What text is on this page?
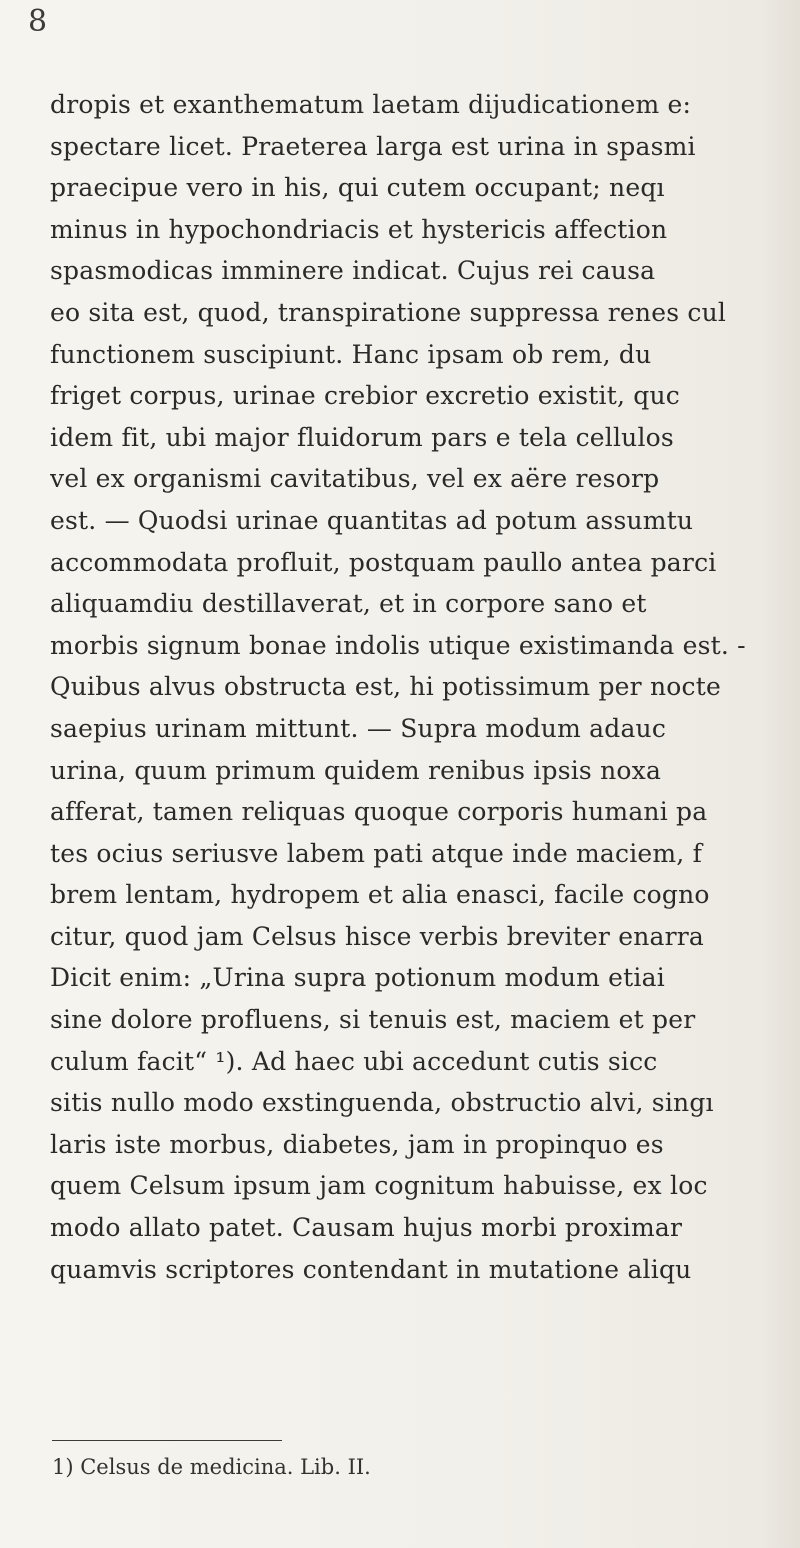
8
dropis et exanthematum laetam dijudicationem e:
spectare licet. Praeterea larga est urina in spasmi
praecipue vero in his, qui cutem occupant; neqı
minus in hypochondriacis et hystericis affection
spasmodicas imminere indicat. Cujus rei causa
eo sita est, quod, transpiratione suppressa renes cul
functionem suscipiunt. Hanc ipsam ob rem, du
friget corpus, urinae crebior excretio existit, quc
idem fit, ubi major fluidorum pars e tela cellulos
vel ex organismi cavitatibus, vel ex aëre resorp
est. — Quodsi urinae quantitas ad potum assumtu
accommodata profluit, postquam paullo antea parci
aliquamdiu destillaverat, et in corpore sano et
morbis signum bonae indolis utique existimanda est. -
Quibus alvus obstructa est, hi potissimum per nocte
saepius urinam mittunt. — Supra modum adauc
urina, quum primum quidem renibus ipsis noxa
afferat, tamen reliquas quoque corporis humani pa
tes ocius seriusve labem pati atque inde maciem, f
brem lentam, hydropem et alia enasci, facile cogno
citur, quod jam Celsus hisce verbis breviter enarra
Dicit enim: „Urina supra potionum modum etiai
sine dolore profluens, si tenuis est, maciem et per
culum facit“ ¹). Ad haec ubi accedunt cutis sicc
sitis nullo modo exstinguenda, obstructio alvi, singı
laris iste morbus, diabetes, jam in propinquo es
quem Celsum ipsum jam cognitum habuisse, ex loc
modo allato patet. Causam hujus morbi proximar
quamvis scriptores contendant in mutatione aliqu
1) Celsus de medicina. Lib. II.
